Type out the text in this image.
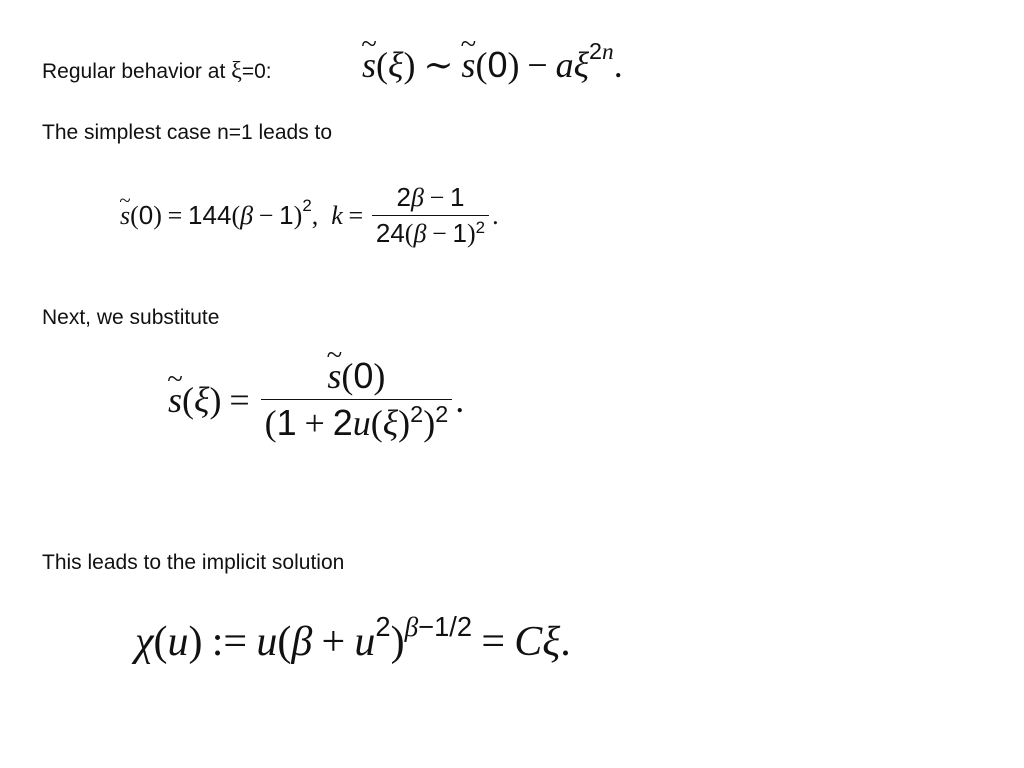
Regular behavior at ξ=0:	~ s ( ξ ) ∼ ~ s ( 0 ) − a $\xi^{2n}$ .
The simplest case n=1 leads to
~ s ( 0 ) = 144 ( β − 1 )$^2$ , $k = \frac{2\beta - 1}{24(\beta - 1)^2}$ .
Next, we substitute
~ s ( ξ ) = ~ $\frac{s(0)}{(1 + 2u(\xi)^2)^2}$ .
This leads to the implicit solution
χ ( u ) := u ( $\beta + u^2$ ) $^{\beta-1/2}$ = C ξ .
